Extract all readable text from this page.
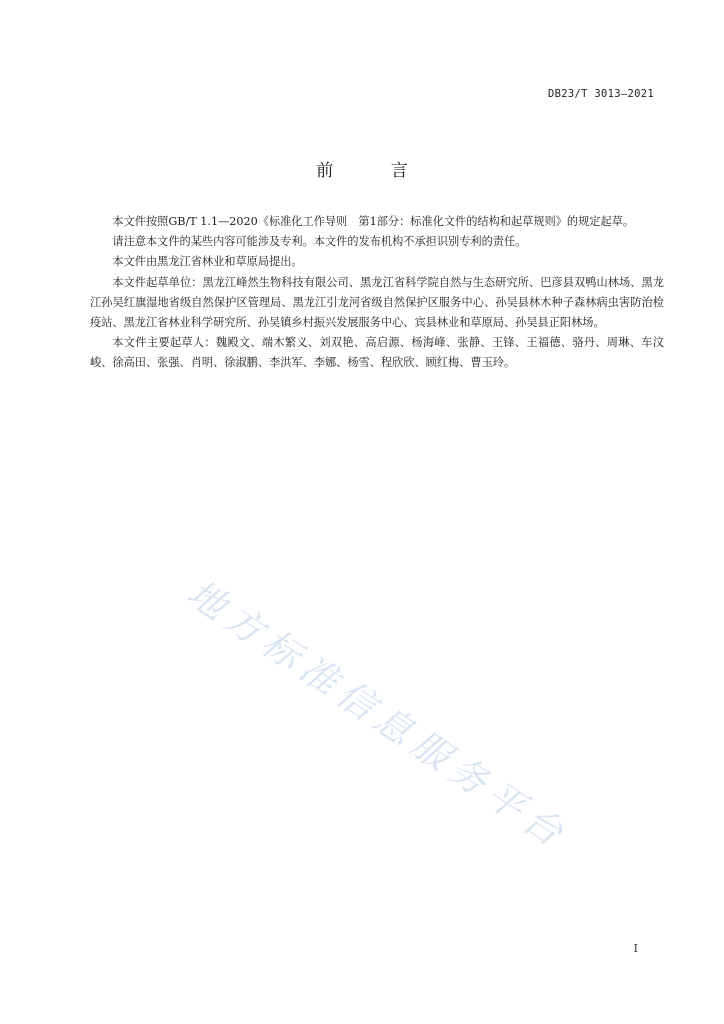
DB23/T 3013—2021
前 言

本文件按照GB/T 1.1—2020《标准化工作导则　第1部分：标准化文件的结构和起草规则》的规定起草。

请注意本文件的某些内容可能涉及专利。本文件的发布机构不承担识别专利的责任。

本文件由黑龙江省林业和草原局提出。

本文件起草单位：黑龙江峰然生物科技有限公司、黑龙江省科学院自然与生态研究所、巴彦县双鸭山林场、黑龙江孙吴红旗湿地省级自然保护区管理局、黑龙江引龙河省级自然保护区服务中心、孙吴县林木种子森林病虫害防治检疫站、黑龙江省林业科学研究所、孙吴镇乡村振兴发展服务中心、宾县林业和草原局、孙吴县正阳林场。

本文件主要起草人：魏殿文、端木繁义、刘双艳、高启源、杨海峰、张静、王锋、王福德、骆丹、周琳、车汶峻、徐高田、张强、肖明、徐淑鹏、李洪军、李娜、杨雪、程欣欣、顾红梅、曹玉玲。

地方标准信息服务平台
I
